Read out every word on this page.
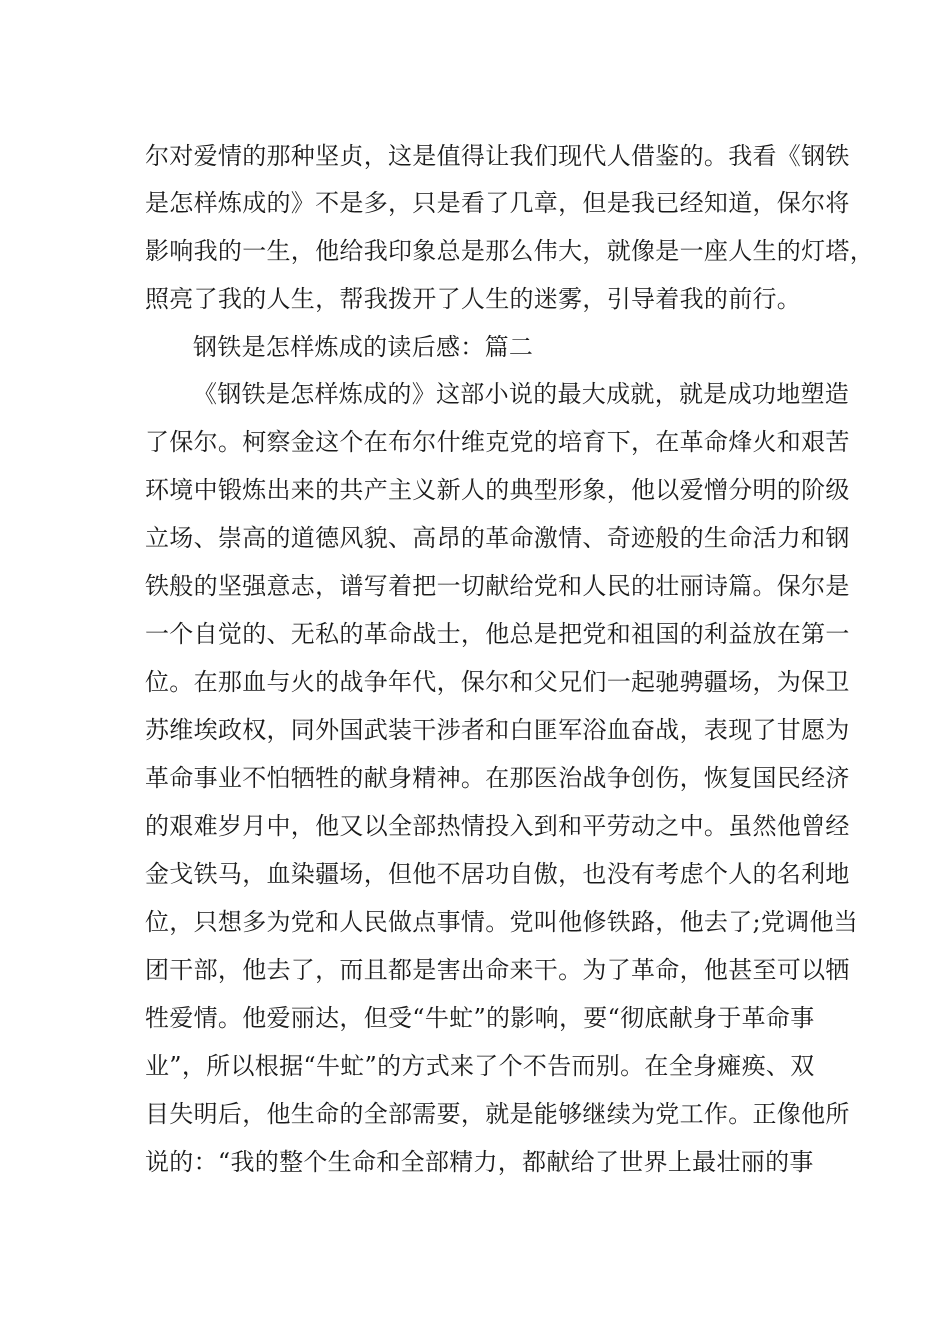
尔对爱情的那种坚贞，这是值得让我们现代人借鉴的。我看《钢铁
是怎样炼成的》不是多，只是看了几章，但是我已经知道，保尔将
影响我的一生，他给我印象总是那么伟大，就像是一座人生的灯塔，
照亮了我的人生，帮我拨开了人生的迷雾，引导着我的前行。
钢铁是怎样炼成的读后感：篇二
《钢铁是怎样炼成的》这部小说的最大成就，就是成功地塑造
了保尔。柯察金这个在布尔什维克党的培育下，在革命烽火和艰苦
环境中锻炼出来的共产主义新人的典型形象，他以爱憎分明的阶级
立场、崇高的道德风貌、高昂的革命激情、奇迹般的生命活力和钢
铁般的坚强意志，谱写着把一切献给党和人民的壮丽诗篇。保尔是
一个自觉的、无私的革命战士，他总是把党和祖国的利益放在第一
位。在那血与火的战争年代，保尔和父兄们一起驰骋疆场，为保卫
苏维埃政权，同外国武装干涉者和白匪军浴血奋战，表现了甘愿为
革命事业不怕牺牲的献身精神。在那医治战争创伤，恢复国民经济
的艰难岁月中，他又以全部热情投入到和平劳动之中。虽然他曾经
金戈铁马，血染疆场，但他不居功自傲，也没有考虑个人的名利地
位，只想多为党和人民做点事情。党叫他修铁路，他去了;党调他当
团干部，他去了，而且都是害出命来干。为了革命，他甚至可以牺
牲爱情。他爱丽达，但受“牛虻”的影响，要“彻底献身于革命事
业”，所以根据“牛虻”的方式来了个不告而别。在全身瘫痪、双
目失明后，他生命的全部需要，就是能够继续为党工作。正像他所
说的：“我的整个生命和全部精力，都献给了世界上最壮丽的事
